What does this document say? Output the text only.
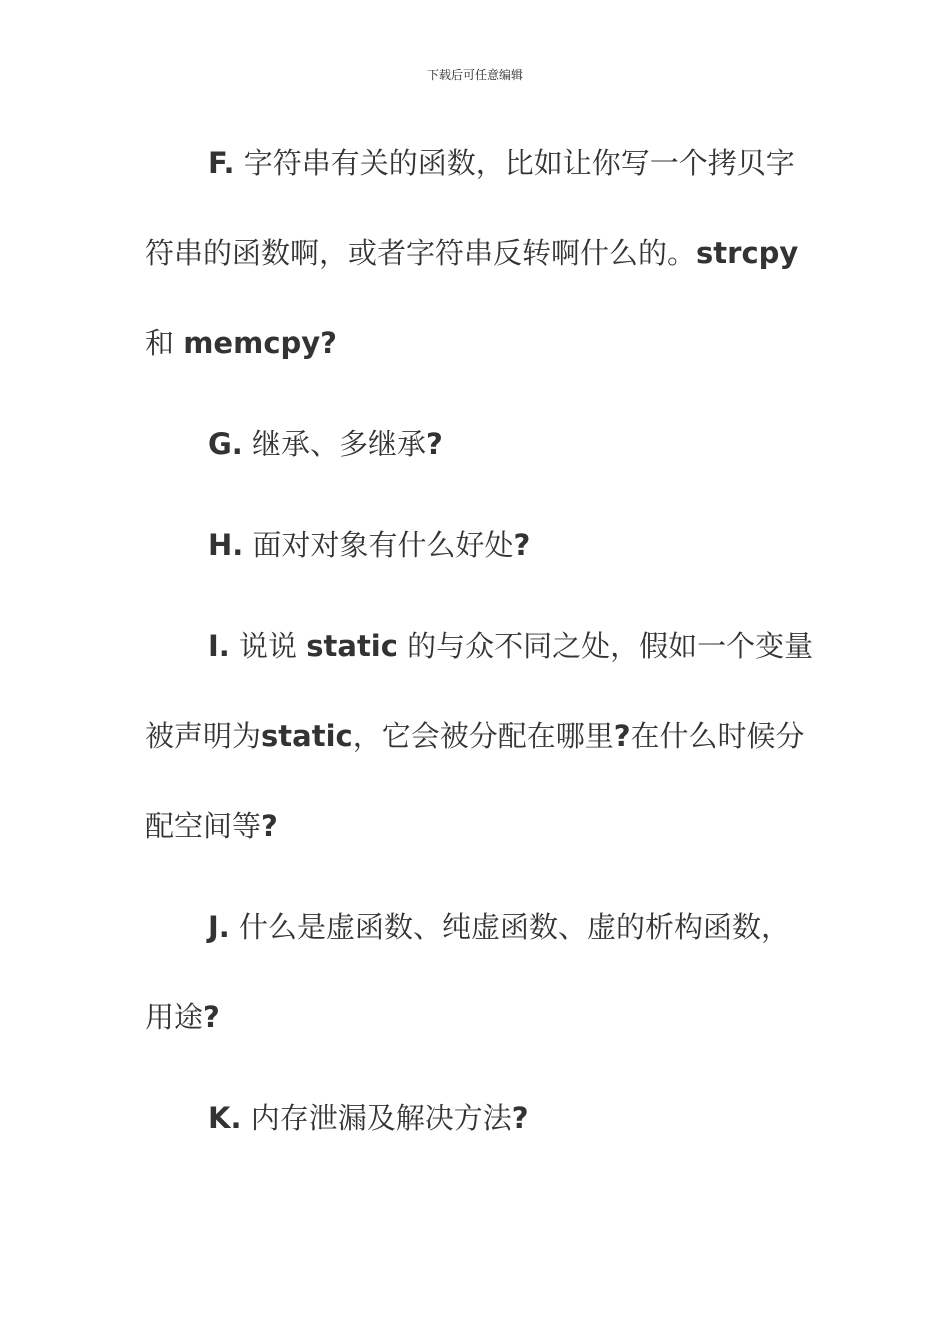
下载后可任意编辑

F. 字符串有关的函数，比如让你写一个拷贝字符串的函数啊，或者字符串反转啊什么的。strcpy 和 memcpy?

G. 继承、多继承?

H. 面对对象有什么好处?

I. 说说 static 的与众不同之处，假如一个变量被声明为static，它会被分配在哪里?在什么时候分配空间等?

J. 什么是虚函数、纯虚函数、虚的析构函数，用途?

K. 内存泄漏及解决方法?
